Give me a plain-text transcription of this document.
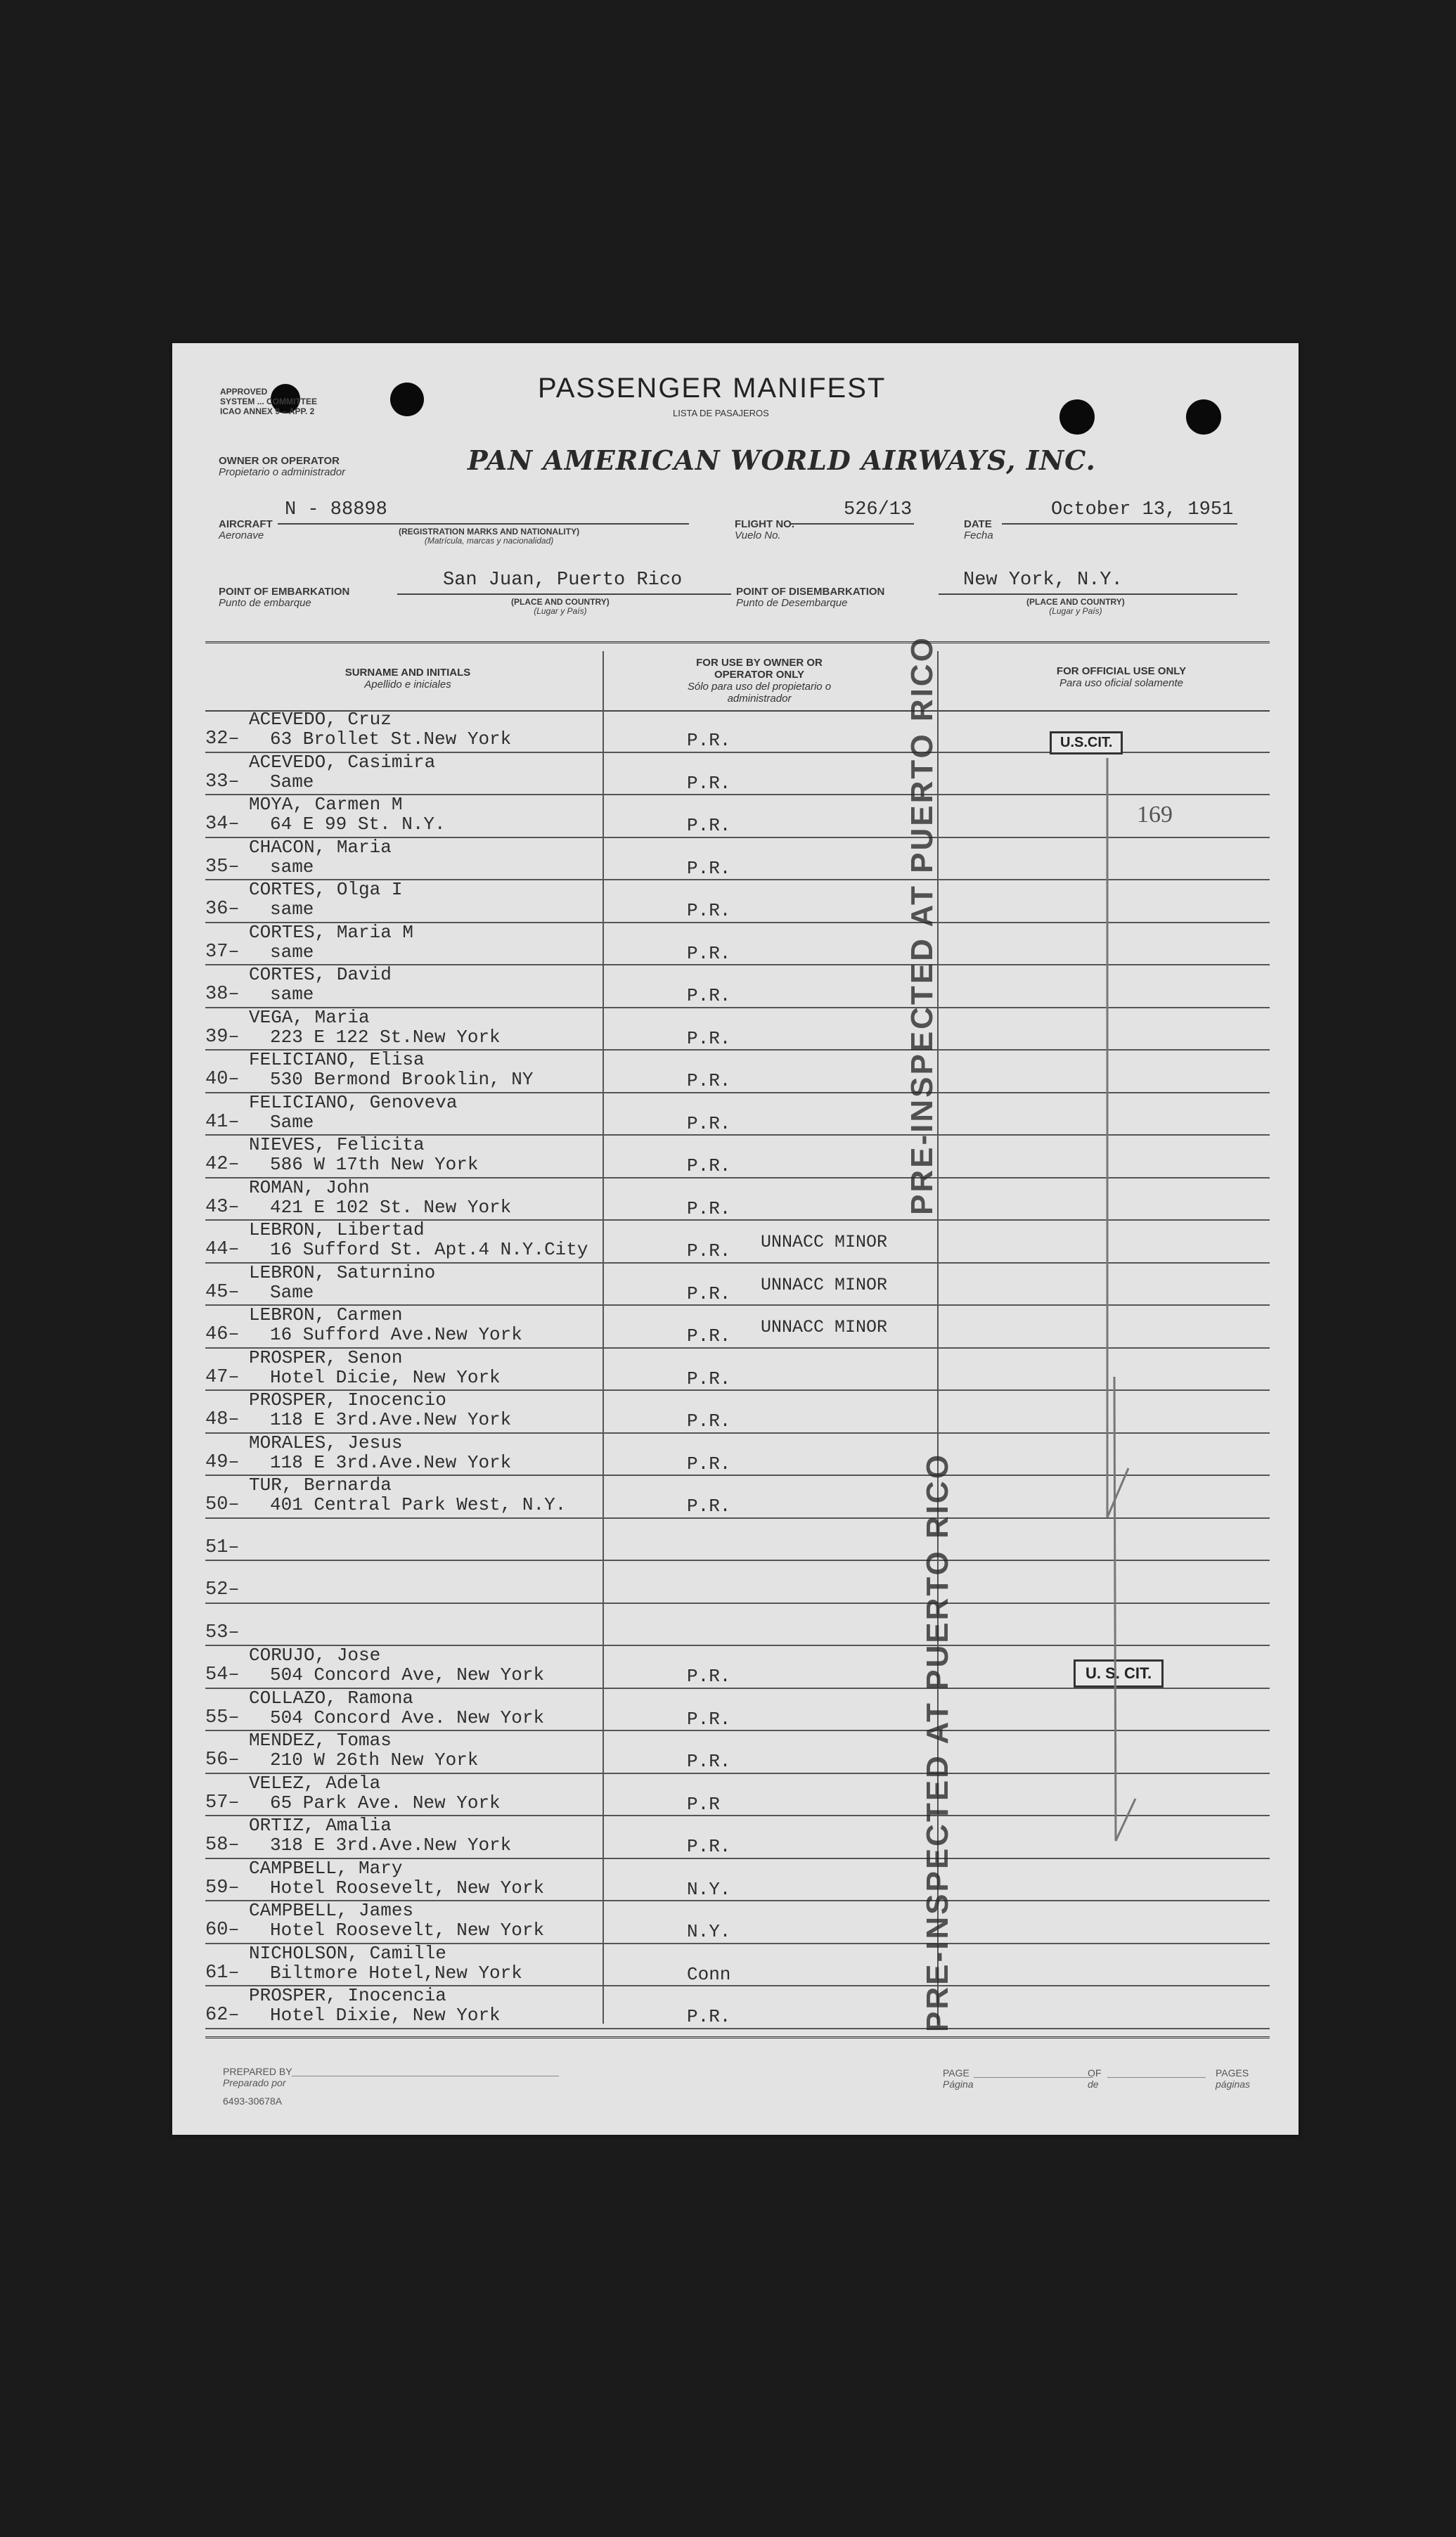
APPROVED
SYSTEM ... COMMITTEE
ICAO ANNEX 9 – APP. 2
PASSENGER MANIFEST
LISTA DE PASAJEROS
OWNER OR OPERATOR
Propietario o administrador	PAN AMERICAN WORLD AIRWAYS, INC.
AIRCRAFT
Aeronave
N - 88898
(REGISTRATION MARKS AND NATIONALITY)
(Matrícula, marcas y nacionalidad)
FLIGHT NO.
Vuelo No.
526/13
DATE
Fecha
October 13, 1951
POINT OF EMBARKATION
Punto de embarque
San Juan, Puerto Rico
(PLACE AND COUNTRY)
(Lugar y País)
POINT OF DISEMBARKATION
Punto de Desembarque
New York, N.Y.
(PLACE AND COUNTRY)
(Lugar y País)
SURNAME AND INITIALS
Apellido e iniciales
FOR USE BY OWNER OR OPERATOR ONLY
Sólo para uso del propietario o administrador
FOR OFFICIAL USE ONLY
Para uso oficial solamente
32–
ACEVEDO, Cruz
63 Brollet St.New York	P.R.
33–
ACEVEDO, Casimira
Same	P.R.
34–
MOYA, Carmen M
64 E 99 St. N.Y.	P.R.
35–
CHACON, Maria
same	P.R.
36–
CORTES, Olga I
same	P.R.
37–
CORTES, Maria M
same	P.R.
38–
CORTES, David
same	P.R.
39–
VEGA, Maria
223 E 122 St.New York	P.R.
40–
FELICIANO, Elisa
530 Bermond Brooklin, NY	P.R.
41–
FELICIANO, Genoveva
Same	P.R.
42–
NIEVES, Felicita
586 W 17th New York	P.R.
43–
ROMAN, John
421 E 102 St. New York	P.R.
44–
LEBRON, Libertad
16 Sufford St. Apt.4 N.Y.City	P.R. UNNACC MINOR
45–
LEBRON, Saturnino
Same	P.R. UNNACC MINOR
46–
LEBRON, Carmen
16 Sufford Ave.New York	P.R. UNNACC MINOR
47–
PROSPER, Senon
Hotel Dicie, New York	P.R.
48–
PROSPER, Inocencio
118 E 3rd.Ave.New York	P.R.
49–
MORALES, Jesus
118 E 3rd.Ave.New York	P.R.
50–
TUR, Bernarda
401 Central Park West, N.Y.	P.R.
51–
52–
53–
54–
CORUJO, Jose
504 Concord Ave, New York	P.R.
55–
COLLAZO, Ramona
504 Concord Ave. New York	P.R.
56–
MENDEZ, Tomas
210 W 26th New York	P.R.
57–
VELEZ, Adela
65 Park Ave. New York	P.R
58–
ORTIZ, Amalia
318 E 3rd.Ave.New York	P.R.
59–
CAMPBELL, Mary
Hotel Roosevelt, New York	N.Y.
60–
CAMPBELL, James
Hotel Roosevelt, New York	N.Y.
61–
NICHOLSON, Camille
Biltmore Hotel,New York	Conn
62–
PROSPER, Inocencia
Hotel Dixie, New York	P.R.
PRE-INSPECTED AT PUERTO RICO
PRE-INSPECTED AT PUERTO RICO
U.S.CIT.
U. S. CIT.
169
PREPARED BY
Preparado por
6493-30678A
PAGE
Página
OF
de
PAGES
páginas
